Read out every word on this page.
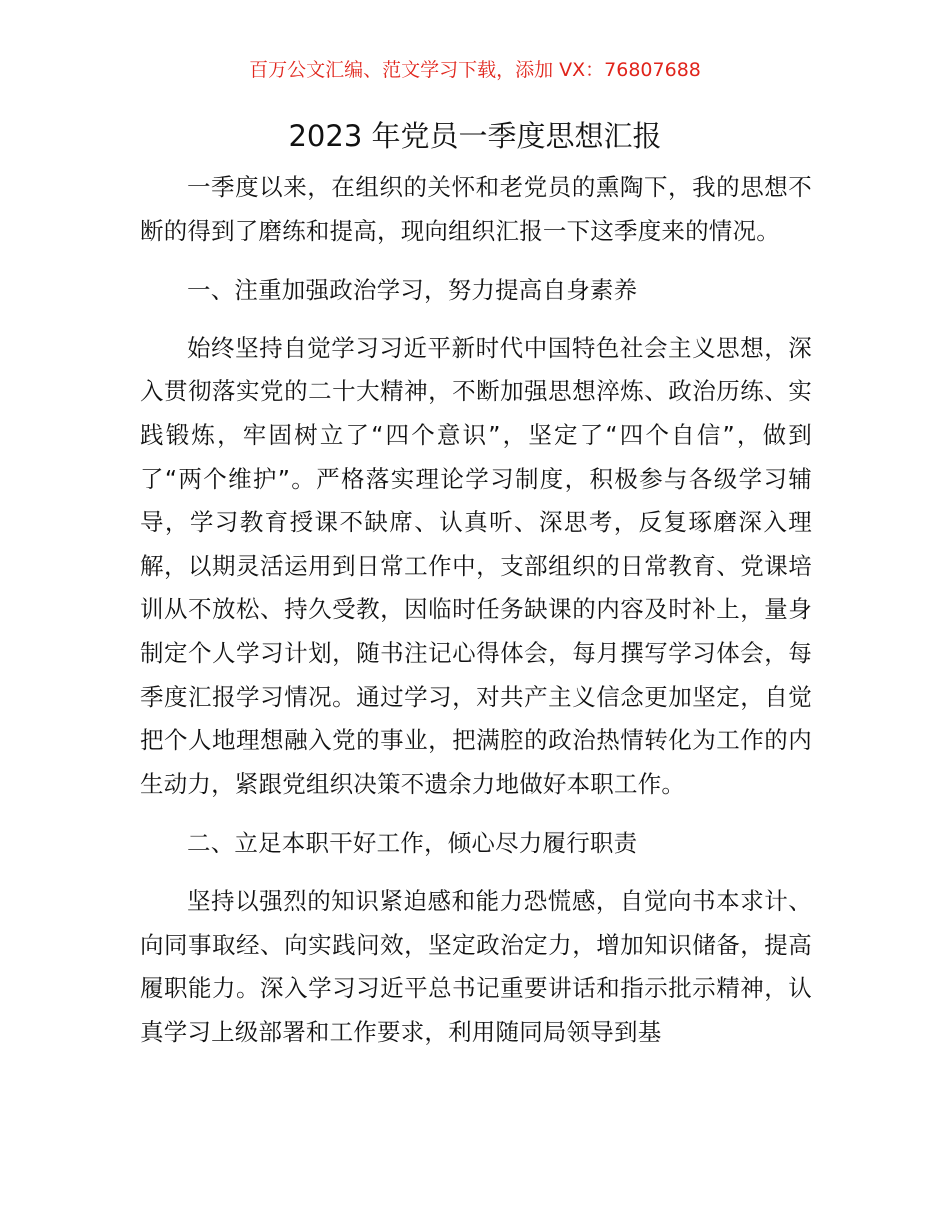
百万公文汇编、范文学习下载，添加 VX：76807688
2023 年党员一季度思想汇报

一季度以来，在组织的关怀和老党员的熏陶下，我的思想不断的得到了磨练和提高，现向组织汇报一下这季度来的情况。

一、注重加强政治学习，努力提高自身素养

始终坚持自觉学习习近平新时代中国特色社会主义思想，深入贯彻落实党的二十大精神，不断加强思想淬炼、政治历练、实践锻炼，牢固树立了“四个意识”，坚定了“四个自信”，做到了“两个维护”。严格落实理论学习制度，积极参与各级学习辅导，学习教育授课不缺席、认真听、深思考，反复琢磨深入理解，以期灵活运用到日常工作中，支部组织的日常教育、党课培训从不放松、持久受教，因临时任务缺课的内容及时补上，量身制定个人学习计划，随书注记心得体会，每月撰写学习体会，每季度汇报学习情况。通过学习，对共产主义信念更加坚定，自觉把个人地理想融入党的事业，把满腔的政治热情转化为工作的内生动力，紧跟党组织决策不遗余力地做好本职工作。

二、立足本职干好工作，倾心尽力履行职责

坚持以强烈的知识紧迫感和能力恐慌感，自觉向书本求计、向同事取经、向实践问效，坚定政治定力，增加知识储备，提高履职能力。深入学习习近平总书记重要讲话和指示批示精神，认真学习上级部署和工作要求，利用随同局领导到基
